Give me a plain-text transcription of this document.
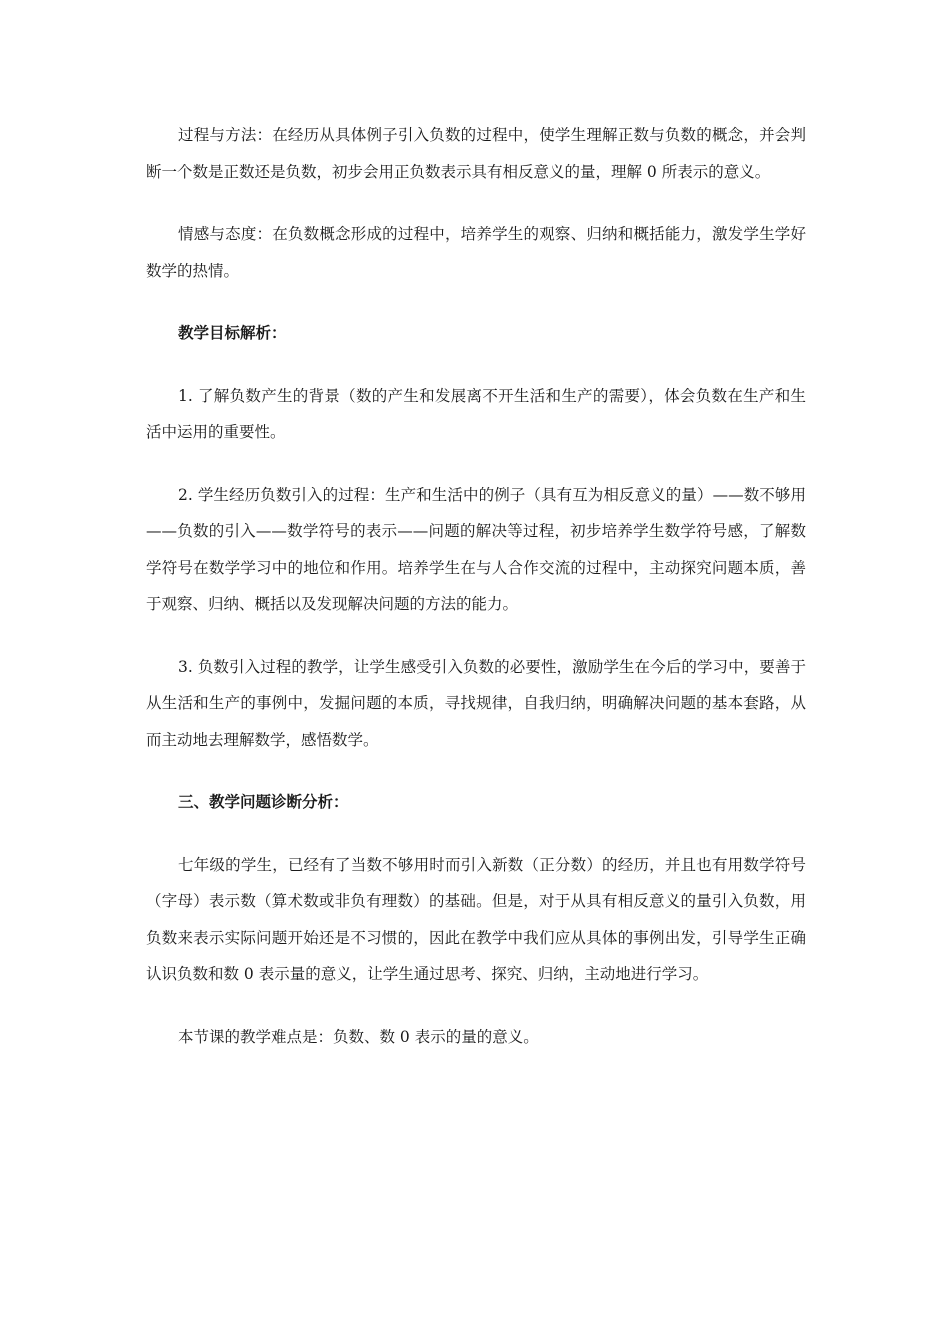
过程与方法：在经历从具体例子引入负数的过程中，使学生理解正数与负数的概念，并会判断一个数是正数还是负数，初步会用正负数表示具有相反意义的量，理解 0 所表示的意义。

情感与态度：在负数概念形成的过程中，培养学生的观察、归纳和概括能力，激发学生学好数学的热情。

教学目标解析：

1. 了解负数产生的背景（数的产生和发展离不开生活和生产的需要），体会负数在生产和生活中运用的重要性。

2. 学生经历负数引入的过程：生产和生活中的例子（具有互为相反意义的量）——数不够用——负数的引入——数学符号的表示——问题的解决等过程，初步培养学生数学符号感，了解数学符号在数学学习中的地位和作用。培养学生在与人合作交流的过程中，主动探究问题本质，善于观察、归纳、概括以及发现解决问题的方法的能力。

3. 负数引入过程的教学，让学生感受引入负数的必要性，激励学生在今后的学习中，要善于从生活和生产的事例中，发掘问题的本质，寻找规律，自我归纳，明确解决问题的基本套路，从而主动地去理解数学，感悟数学。

三、教学问题诊断分析：

七年级的学生，已经有了当数不够用时而引入新数（正分数）的经历，并且也有用数学符号（字母）表示数（算术数或非负有理数）的基础。但是，对于从具有相反意义的量引入负数，用负数来表示实际问题开始还是不习惯的，因此在教学中我们应从具体的事例出发，引导学生正确认识负数和数 0 表示量的意义，让学生通过思考、探究、归纳，主动地进行学习。

本节课的教学难点是：负数、数 0 表示的量的意义。
